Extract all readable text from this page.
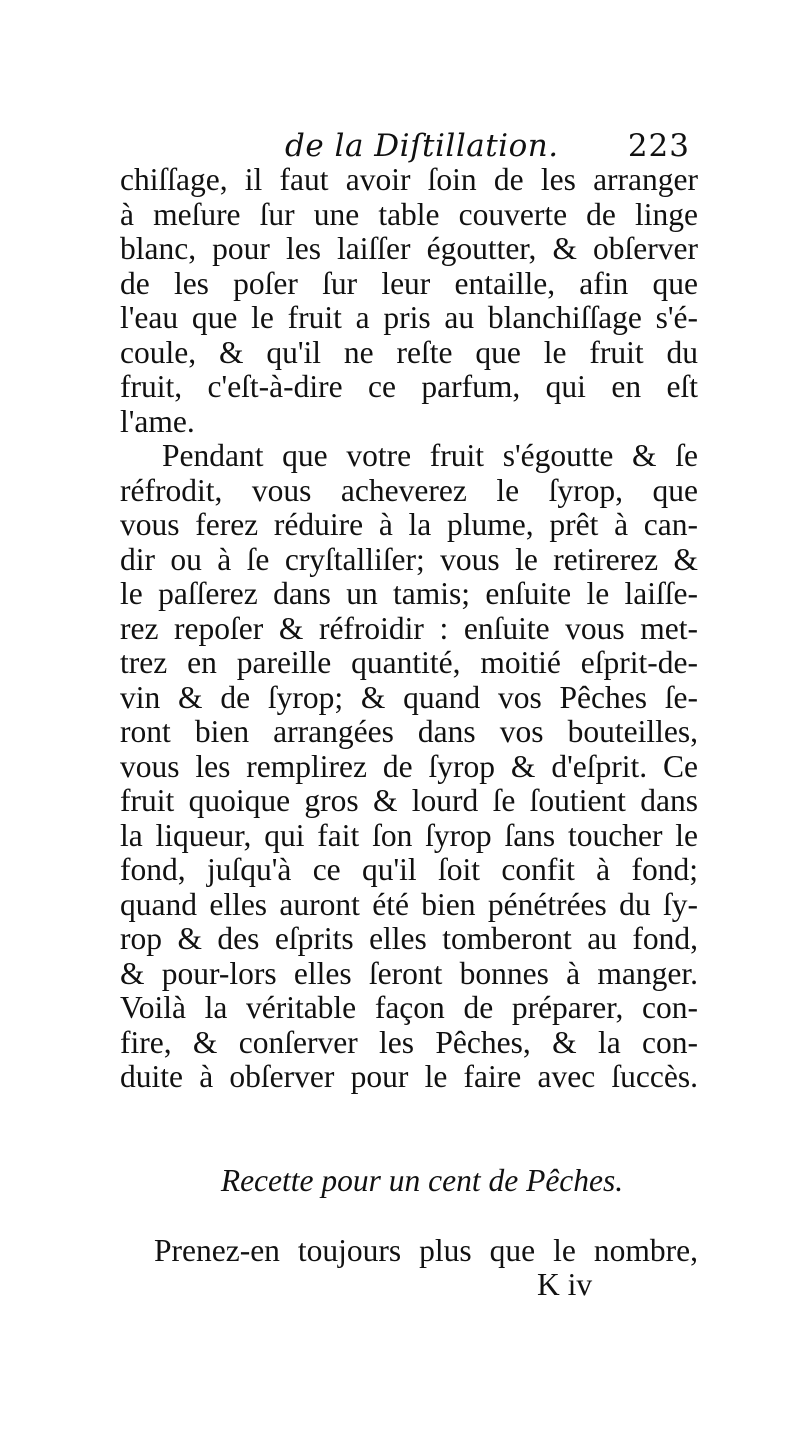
de la Diſtillation. 223
chiſſage, il faut avoir ſoin de les arranger
à meſure ſur une table couverte de linge
blanc, pour les laiſſer égoutter, & obſerver
de les poſer ſur leur entaille, afin que
l'eau que le fruit a pris au blanchiſſage s'é-
coule, & qu'il ne reſte que le fruit du
fruit, c'eſt-à-dire ce parfum, qui en eſt
l'ame.
Pendant que votre fruit s'égoutte & ſe
réfrodit, vous acheverez le ſyrop, que
vous ferez réduire à la plume, prêt à can-
dir ou à ſe cryſtalliſer; vous le retirerez &
le paſſerez dans un tamis; enſuite le laiſſe-
rez repoſer & réfroidir : enſuite vous met-
trez en pareille quantité, moitié eſprit-de-
vin & de ſyrop; & quand vos Pêches ſe-
ront bien arrangées dans vos bouteilles,
vous les remplirez de ſyrop & d'eſprit. Ce
fruit quoique gros & lourd ſe ſoutient dans
la liqueur, qui fait ſon ſyrop ſans toucher le
fond, juſqu'à ce qu'il ſoit confit à fond;
quand elles auront été bien pénétrées du ſy-
rop & des eſprits elles tomberont au fond,
& pour-lors elles ſeront bonnes à manger.
Voilà la véritable façon de préparer, con-
fire, & conſerver les Pêches, & la con-
duite à obſerver pour le faire avec ſuccès.
Recette pour un cent de Pêches.
Prenez-en toujours plus que le nombre,
K iv
